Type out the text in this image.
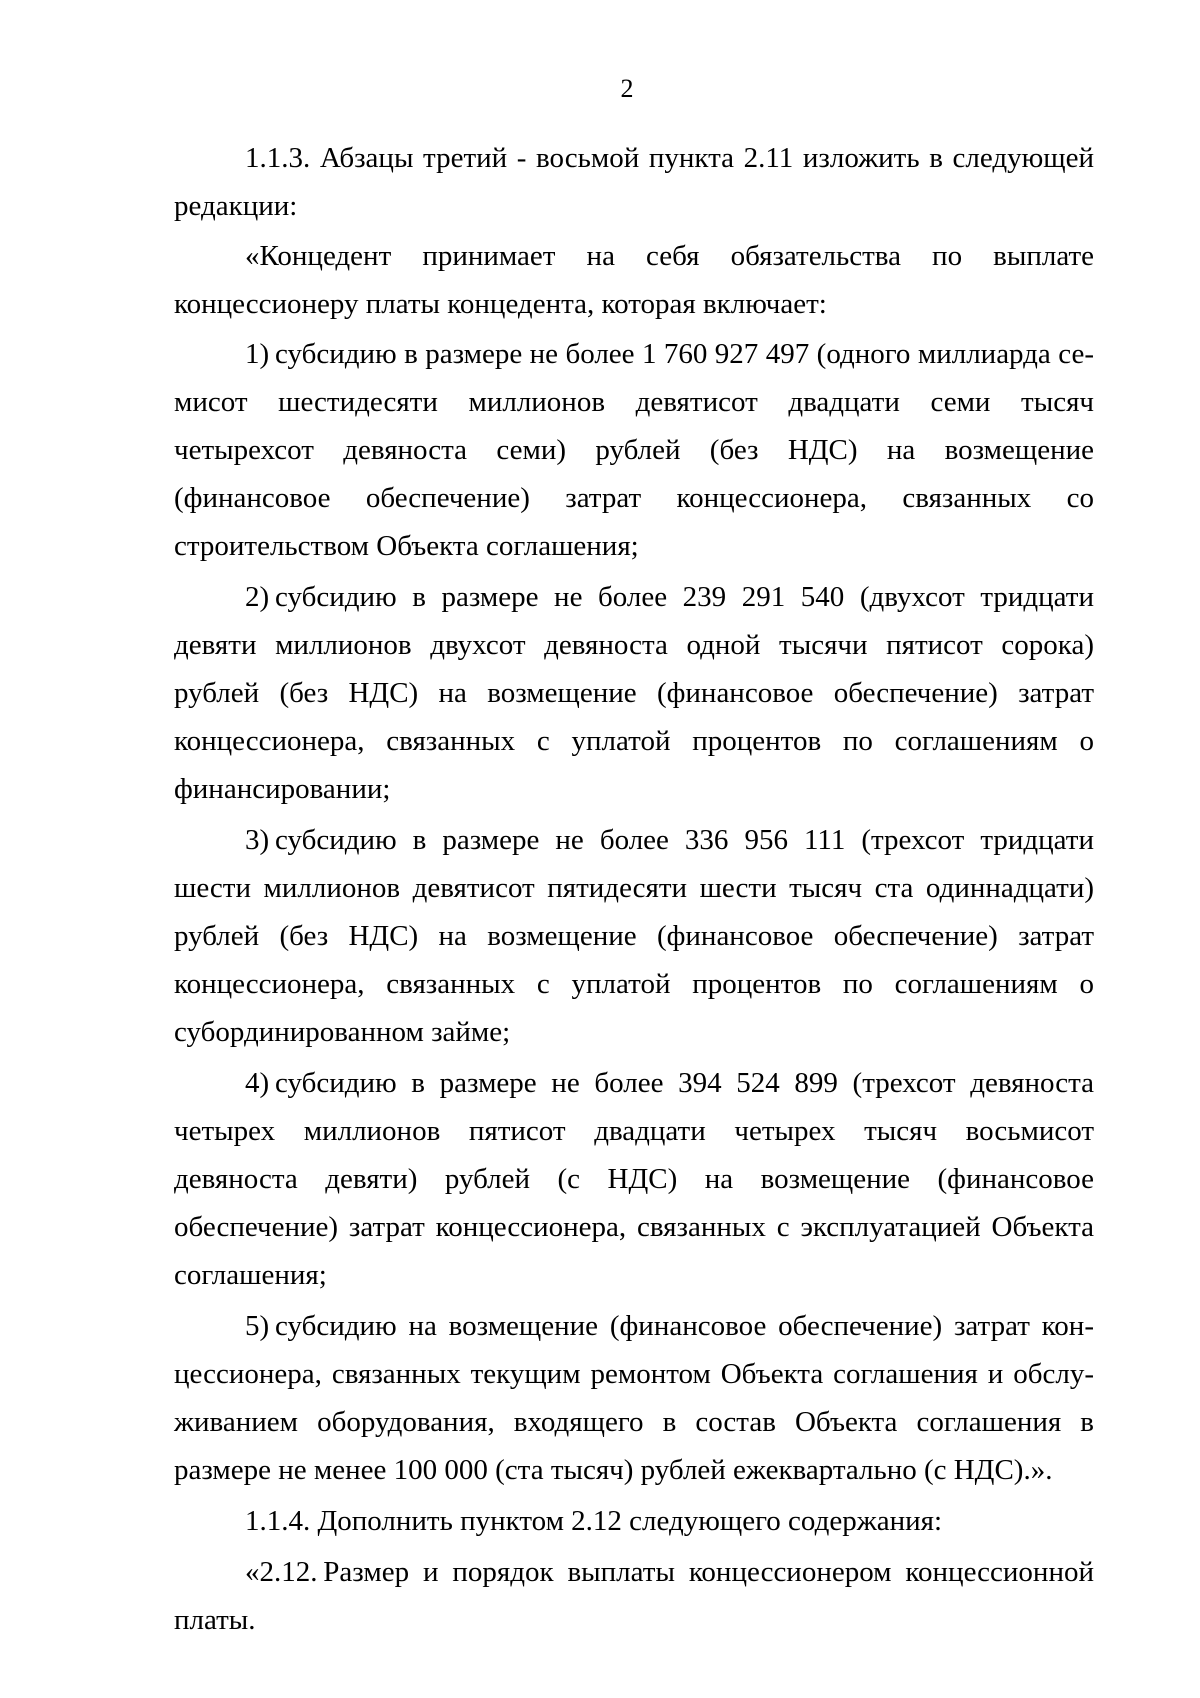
2

1.1.3. Абзацы третий - восьмой пункта 2.11 изложить в следующей редакции:

«Концедент принимает на себя обязательства по выплате концессионеру платы концедента, которая включает:

1) субсидию в размере не более 1 760 927 497 (одного миллиарда семисот шестидесяти миллионов девятисот двадцати семи тысяч четырехсот девяноста семи) рублей (без НДС) на возмещение (финансовое обеспечение) затрат концессионера, связанных со строительством Объекта соглашения;

2) субсидию в размере не более 239 291 540 (двухсот тридцати девяти миллионов двухсот девяноста одной тысячи пятисот сорока) рублей (без НДС) на возмещение (финансовое обеспечение) затрат концессионера, связанных с уплатой процентов по соглашениям о финансировании;

3) субсидию в размере не более 336 956 111 (трехсот тридцати шести миллионов девятисот пятидесяти шести тысяч ста одиннадцати) рублей (без НДС) на возмещение (финансовое обеспечение) затрат концессионера, связанных с уплатой процентов по соглашениям о субординированном займе;

4) субсидию в размере не более 394 524 899 (трехсот девяноста четырех миллионов пятисот двадцати четырех тысяч восьмисот девяноста девяти) рублей (с НДС) на возмещение (финансовое обеспечение) затрат концессионера, связанных с эксплуатацией Объекта соглашения;

5) субсидию на возмещение (финансовое обеспечение) затрат концессионера, связанных текущим ремонтом Объекта соглашения и обслуживанием оборудования, входящего в состав Объекта соглашения в размере не менее 100 000 (ста тысяч) рублей ежеквартально (с НДС).».

1.1.4. Дополнить пунктом 2.12 следующего содержания:

«2.12. Размер и порядок выплаты концессионером концессионной платы.
